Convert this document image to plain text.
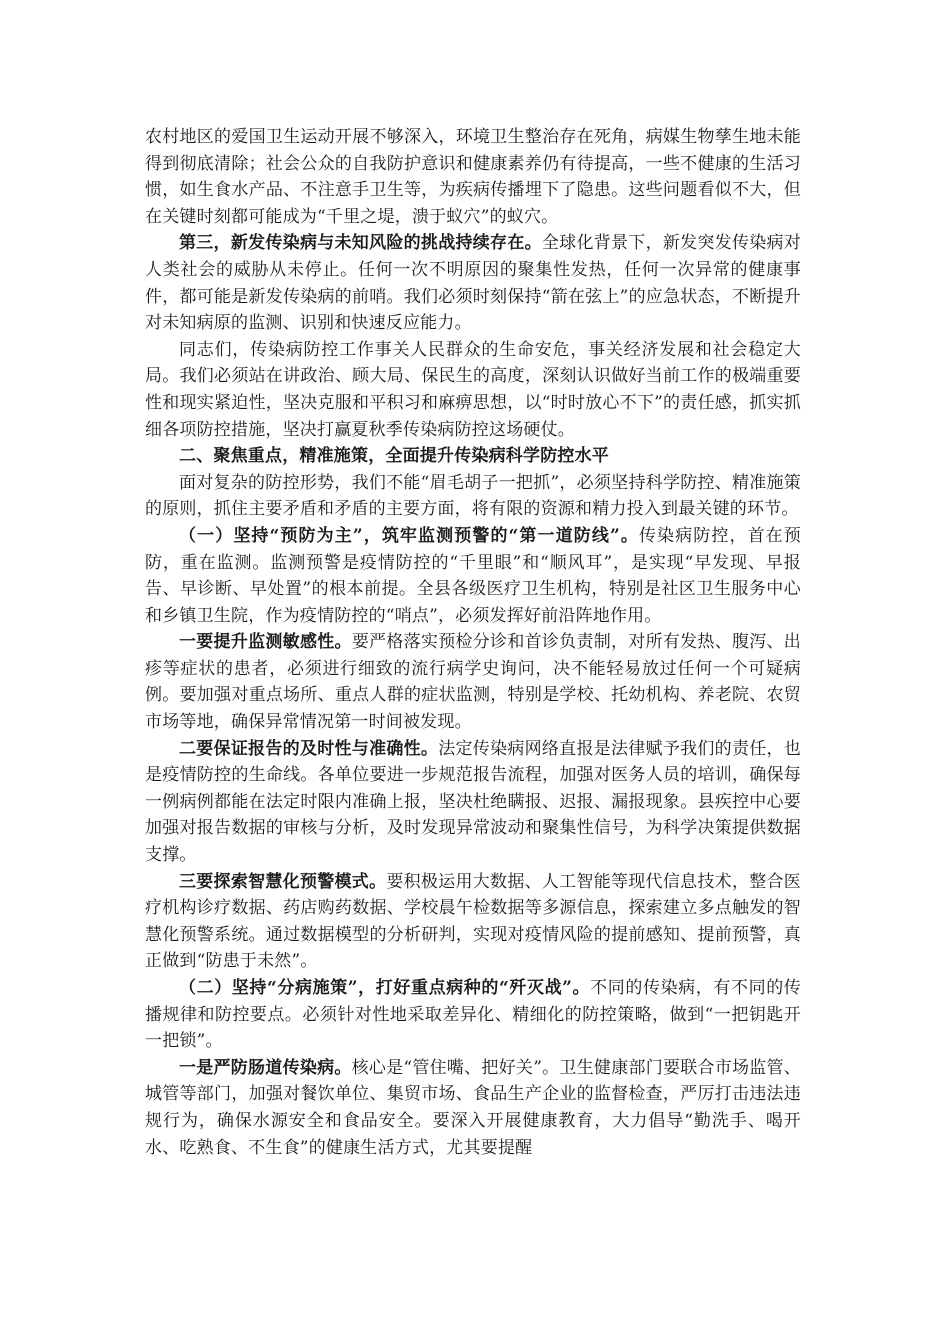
农村地区的爱国卫生运动开展不够深入，环境卫生整治存在死角，病媒生物孳生地未能得到彻底清除；社会公众的自我防护意识和健康素养仍有待提高，一些不健康的生活习惯，如生食水产品、不注意手卫生等，为疾病传播埋下了隐患。这些问题看似不大，但在关键时刻都可能成为“千里之堤，溃于蚁穴”的蚁穴。

第三，新发传染病与未知风险的挑战持续存在。全球化背景下，新发突发传染病对人类社会的威胁从未停止。任何一次不明原因的聚集性发热，任何一次异常的健康事件，都可能是新发传染病的前哨。我们必须时刻保持“箭在弦上”的应急状态，不断提升对未知病原的监测、识别和快速反应能力。

同志们，传染病防控工作事关人民群众的生命安危，事关经济发展和社会稳定大局。我们必须站在讲政治、顾大局、保民生的高度，深刻认识做好当前工作的极端重要性和现实紧迫性，坚决克服和平积习和麻痹思想，以“时时放心不下”的责任感，抓实抓细各项防控措施，坚决打赢夏秋季传染病防控这场硬仗。

二、聚焦重点，精准施策，全面提升传染病科学防控水平

面对复杂的防控形势，我们不能“眉毛胡子一把抓”，必须坚持科学防控、精准施策的原则，抓住主要矛盾和矛盾的主要方面，将有限的资源和精力投入到最关键的环节。

（一）坚持“预防为主”，筑牢监测预警的“第一道防线”。传染病防控，首在预防，重在监测。监测预警是疫情防控的“千里眼”和“顺风耳”，是实现“早发现、早报告、早诊断、早处置”的根本前提。全县各级医疗卫生机构，特别是社区卫生服务中心和乡镇卫生院，作为疫情防控的“哨点”，必须发挥好前沿阵地作用。

一要提升监测敏感性。要严格落实预检分诊和首诊负责制，对所有发热、腹泻、出疹等症状的患者，必须进行细致的流行病学史询问，决不能轻易放过任何一个可疑病例。要加强对重点场所、重点人群的症状监测，特别是学校、托幼机构、养老院、农贸市场等地，确保异常情况第一时间被发现。

二要保证报告的及时性与准确性。法定传染病网络直报是法律赋予我们的责任，也是疫情防控的生命线。各单位要进一步规范报告流程，加强对医务人员的培训，确保每一例病例都能在法定时限内准确上报，坚决杜绝瞒报、迟报、漏报现象。县疾控中心要加强对报告数据的审核与分析，及时发现异常波动和聚集性信号，为科学决策提供数据支撑。

三要探索智慧化预警模式。要积极运用大数据、人工智能等现代信息技术，整合医疗机构诊疗数据、药店购药数据、学校晨午检数据等多源信息，探索建立多点触发的智慧化预警系统。通过数据模型的分析研判，实现对疫情风险的提前感知、提前预警，真正做到“防患于未然”。

（二）坚持“分病施策”，打好重点病种的“歼灭战”。不同的传染病，有不同的传播规律和防控要点。必须针对性地采取差异化、精细化的防控策略，做到“一把钥匙开一把锁”。

一是严防肠道传染病。核心是“管住嘴、把好关”。卫生健康部门要联合市场监管、城管等部门，加强对餐饮单位、集贸市场、食品生产企业的监督检查，严厉打击违法违规行为，确保水源安全和食品安全。要深入开展健康教育，大力倡导“勤洗手、喝开水、吃熟食、不生食”的健康生活方式，尤其要提醒
